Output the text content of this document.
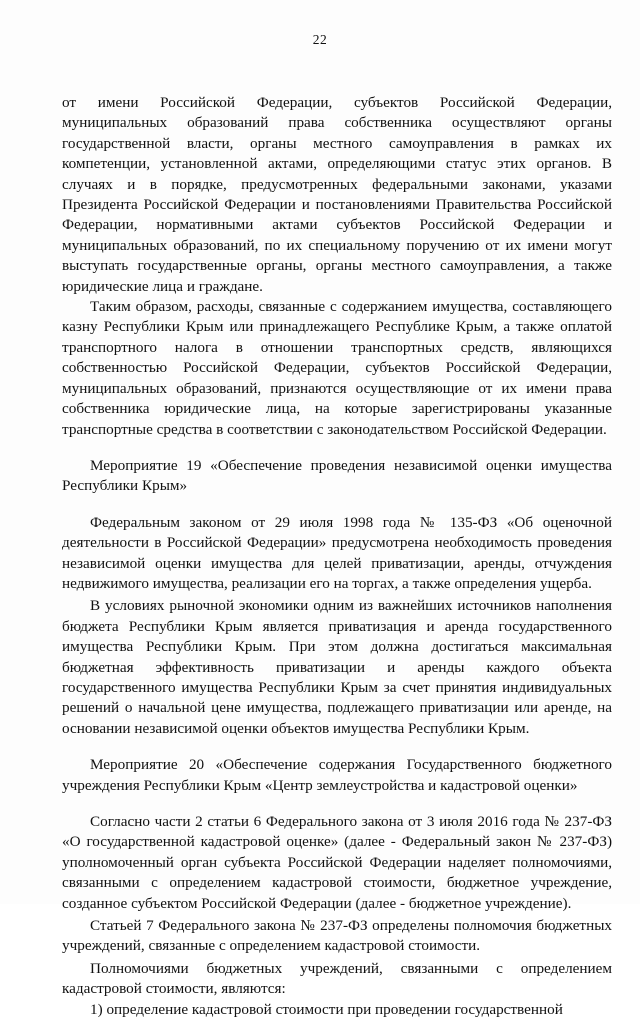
22

от имени Российской Федерации, субъектов Российской Федерации, муниципальных образований права собственника осуществляют органы государственной власти, органы местного самоуправления в рамках их компетенции, установленной актами, определяющими статус этих органов. В случаях и в порядке, предусмотренных федеральными законами, указами Президента Российской Федерации и постановлениями Правительства Российской Федерации, нормативными актами субъектов Российской Федерации и муниципальных образований, по их специальному поручению от их имени могут выступать государственные органы, органы местного самоуправления, а также юридические лица и граждане.

Таким образом, расходы, связанные с содержанием имущества, составляющего казну Республики Крым или принадлежащего Республике Крым, а также оплатой транспортного налога в отношении транспортных средств, являющихся собственностью Российской Федерации, субъектов Российской Федерации, муниципальных образований, признаются осуществляющие от их имени права собственника юридические лица, на которые зарегистрированы указанные транспортные средства в соответствии с законодательством Российской Федерации.

Мероприятие 19 «Обеспечение проведения независимой оценки имущества Республики Крым»

Федеральным законом от 29 июля 1998 года № 135-ФЗ «Об оценочной деятельности в Российской Федерации» предусмотрена необходимость проведения независимой оценки имущества для целей приватизации, аренды, отчуждения недвижимого имущества, реализации его на торгах, а также определения ущерба.

В условиях рыночной экономики одним из важнейших источников наполнения бюджета Республики Крым является приватизация и аренда государственного имущества Республики Крым. При этом должна достигаться максимальная бюджетная эффективность приватизации и аренды каждого объекта государственного имущества Республики Крым за счет принятия индивидуальных решений о начальной цене имущества, подлежащего приватизации или аренде, на основании независимой оценки объектов имущества Республики Крым.

Мероприятие 20 «Обеспечение содержания Государственного бюджетного учреждения Республики Крым «Центр землеустройства и кадастровой оценки»

Согласно части 2 статьи 6 Федерального закона от 3 июля 2016 года № 237-ФЗ «О государственной кадастровой оценке» (далее - Федеральный закон № 237-ФЗ) уполномоченный орган субъекта Российской Федерации наделяет полномочиями, связанными с определением кадастровой стоимости, бюджетное учреждение, созданное субъектом Российской Федерации (далее - бюджетное учреждение).

Статьей 7 Федерального закона № 237-ФЗ определены полномочия бюджетных учреждений, связанные с определением кадастровой стоимости.

Полномочиями бюджетных учреждений, связанными с определением кадастровой стоимости, являются:

1) определение кадастровой стоимости при проведении государственной
